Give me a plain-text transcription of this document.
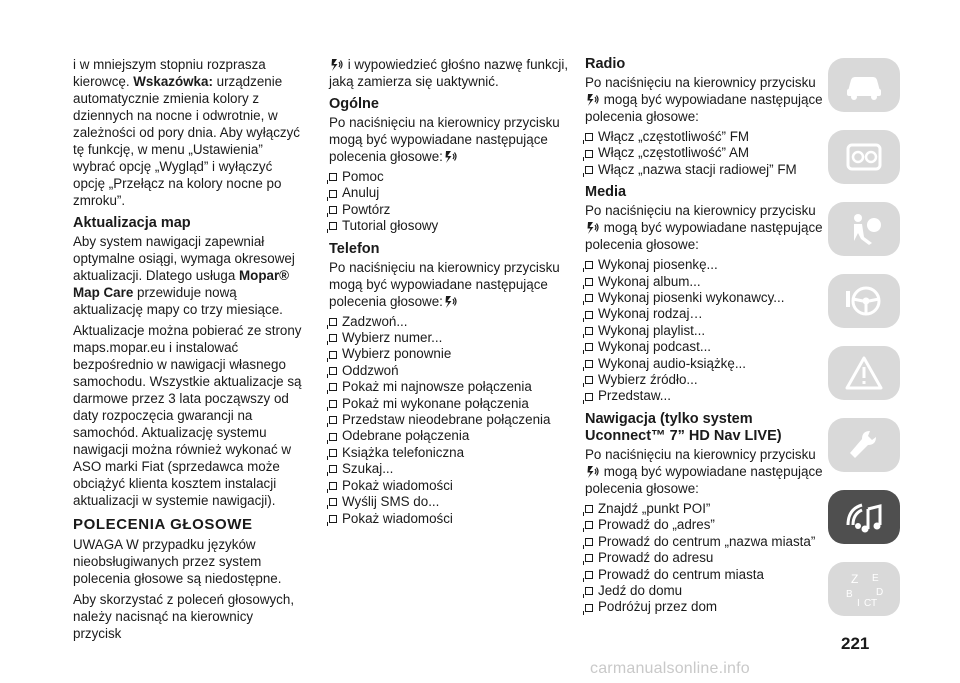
i w mniejszym stopniu rozprasza kierowcę. Wskazówka: urządzenie automatycznie zmienia kolory z dziennych na nocne i odwrotnie, w zależności od pory dnia. Aby wyłączyć tę funkcję, w menu „Ustawienia” wybrać opcję „Wygląd” i wyłączyć opcję „Przełącz na kolory nocne po zmroku”.

Aktualizacja map

Aby system nawigacji zapewniał optymalne osiągi, wymaga okresowej aktualizacji. Dlatego usługa Mopar® Map Care przewiduje nową aktualizację mapy co trzy miesiące.

Aktualizacje można pobierać ze strony maps.mopar.eu i instalować bezpośrednio w nawigacji własnego samochodu. Wszystkie aktualizacje są darmowe przez 3 lata począwszy od daty rozpoczęcia gwarancji na samochód. Aktualizację systemu nawigacji można również wykonać w ASO marki Fiat (sprzedawca może obciążyć klienta kosztem instalacji aktualizacji w systemie nawigacji).

POLECENIA GŁOSOWE

UWAGA W przypadku języków nieobsługiwanych przez system polecenia głosowe są niedostępne.

Aby skorzystać z poleceń głosowych, należy nacisnąć na kierownicy przycisk

i wypowiedzieć głośno nazwę funkcji, jaką zamierza się uaktywnić.

Ogólne

Po naciśnięciu na kierownicy przycisku mogą być wypowiadane następujące polecenia głosowe:

Pomoc
Anuluj
Powtórz
Tutorial głosowy
Telefon

Po naciśnięciu na kierownicy przycisku mogą być wypowiadane następujące polecenia głosowe:

Zadzwoń...
Wybierz numer...
Wybierz ponownie
Oddzwoń
Pokaż mi najnowsze połączenia
Pokaż mi wykonane połączenia
Przedstaw nieodebrane połączenia
Odebrane połączenia
Książka telefoniczna
Szukaj...
Pokaż wiadomości
Wyślij SMS do...
Pokaż wiadomości
Radio

Po naciśnięciu na kierownicy przycisku  mogą być wypowiadane następujące polecenia głosowe:

Włącz „częstotliwość” FM
Włącz „częstotliwość” AM
Włącz „nazwa stacji radiowej” FM
Media

Po naciśnięciu na kierownicy przycisku  mogą być wypowiadane następujące polecenia głosowe:

Wykonaj piosenkę...
Wykonaj album...
Wykonaj piosenki wykonawcy...
Wykonaj rodzaj…
Wykonaj playlist...
Wykonaj podcast...
Wykonaj audio-książkę...
Wybierz źródło...
Przedstaw...
Nawigacja (tylko system Uconnect™ 7” HD Nav LIVE)

Po naciśnięciu na kierownicy przycisku  mogą być wypowiadane następujące polecenia głosowe:

Znajdź „punkt POI”
Prowadź do „adres”
Prowadź do centrum „nazwa miasta”
Prowadź do adresu
Prowadź do centrum miasta
Jedź do domu
Podróżuj przez dom
Z E
B D
I C T
221
carmanualsonline.info
